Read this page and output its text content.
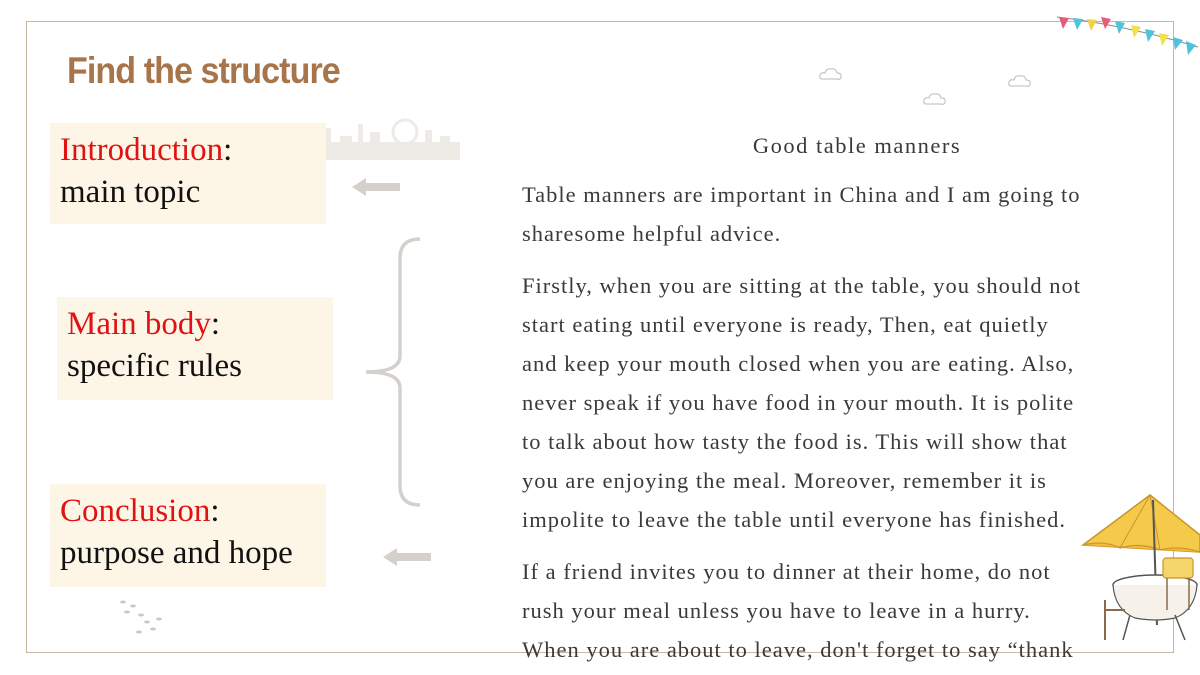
Find the structure
Introduction:
main topic
Main body:
specific rules
Conclusion:
purpose and hope
Good table manners

Table manners are important in China and I am going to
sharesome helpful advice.

Firstly, when you are sitting at the table, you should not
start eating until everyone is ready, Then, eat quietly
and keep your mouth closed when you are eating. Also,
never speak if you have food in your mouth. It is polite
to talk about how tasty the food is. This will show that
you are enjoying the meal. Moreover, remember it is
impolite to leave the table until everyone has finished.

If a friend invites you to dinner at their home, do not
rush your meal unless you have to leave in a hurry.
When you are about to leave, don't forget to say “thank
